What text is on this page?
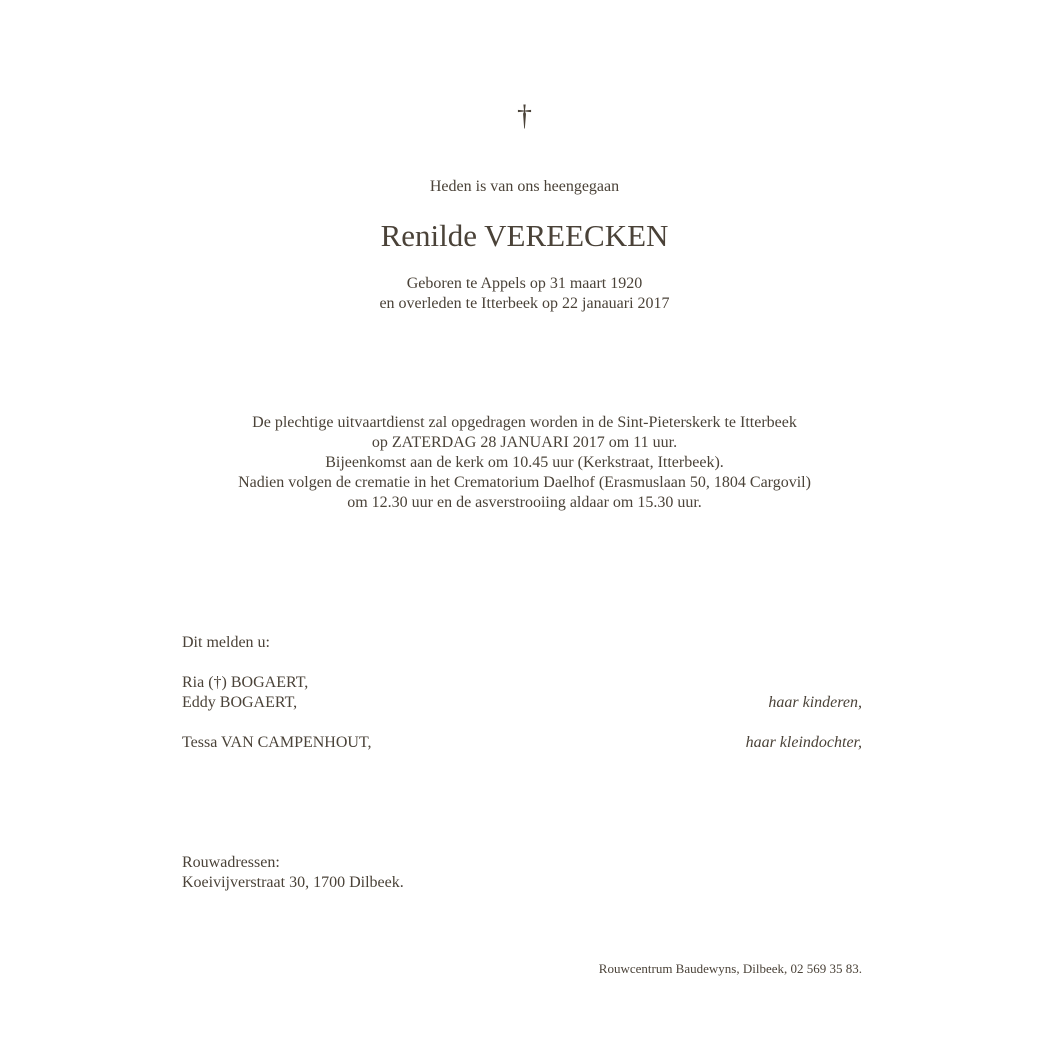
†
Heden is van ons heengegaan
Renilde VEREECKEN
Geboren te Appels op 31 maart 1920
en overleden te Itterbeek op 22 janauari 2017
De plechtige uitvaartdienst zal opgedragen worden in de Sint-Pieterskerk te Itterbeek
op ZATERDAG 28 JANUARI 2017 om 11 uur.
Bijeenkomst aan de kerk om 10.45 uur (Kerkstraat, Itterbeek).
Nadien volgen de crematie in het Crematorium Daelhof (Erasmuslaan 50, 1804 Cargovil)
om 12.30 uur en de asverstrooiing aldaar om 15.30 uur.
Dit melden u:
Ria (†) BOGAERT,
Eddy BOGAERT,	haar kinderen,
Tessa VAN CAMPENHOUT,	haar kleindochter,
Rouwadressen:
Koeivijverstraat 30, 1700 Dilbeek.
Rouwcentrum Baudewyns, Dilbeek, 02 569 35 83.
